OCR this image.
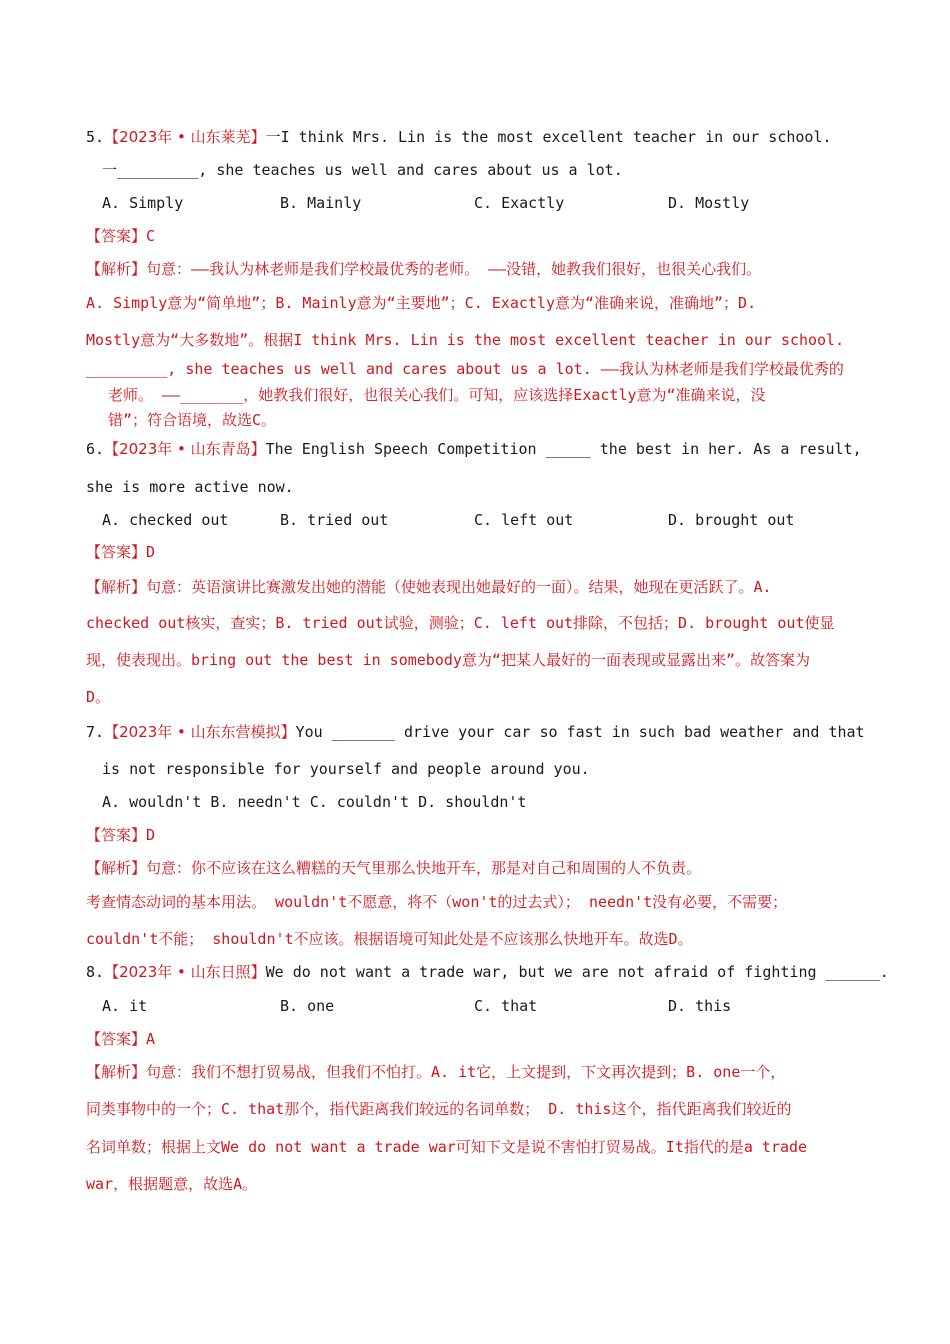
5.【2023年 • 山东莱芜】一I think Mrs. Lin is the most excellent teacher in our school.
一_________, she teaches us well and cares about us a lot.
A. Simply	B. Mainly	C. Exactly	D. Mostly
【答案】C
【解析】句意：——我认为林老师是我们学校最优秀的老师。 ——没错，她教我们很好，也很关心我们。
A. Simply意为“简单地”；B. Mainly意为“主要地”；C. Exactly意为“准确来说，准确地”；D.
Mostly意为“大多数地”。根据I think Mrs. Lin is the most excellent teacher in our school.
_________, she teaches us well and cares about us a lot. ——我认为林老师是我们学校最优秀的
老师。 ——_______，她教我们很好，也很关心我们。可知，应该选择Exactly意为“准确来说，没
错”；符合语境，故选C。
6.【2023年 • 山东青岛】The English Speech Competition _____ the best in her. As a result,
she is more active now.
A. checked out	B. tried out	C. left out	D. brought out
【答案】D
【解析】句意：英语演讲比赛激发出她的潜能（使她表现出她最好的一面）。结果，她现在更活跃了。A.
checked out核实，查实；B. tried out试验，测验；C. left out排除，不包括；D. brought out使显
现，使表现出。bring out the best in somebody意为“把某人最好的一面表现或显露出来”。故答案为
D。
7.【2023年 • 山东东营模拟】You _______ drive your car so fast in such bad weather and that
is not responsible for yourself and people around you.
A. wouldn't B. needn't C. couldn't D. shouldn't
【答案】D
【解析】句意：你不应该在这么糟糕的天气里那么快地开车，那是对自己和周围的人不负责。
考查情态动词的基本用法。 wouldn't不愿意，将不（won't的过去式）； needn't没有必要，不需要；
couldn't不能； shouldn't不应该。根据语境可知此处是不应该那么快地开车。故选D。
8.【2023年 • 山东日照】We do not want a trade war, but we are not afraid of fighting ______.
A. it	B. one	C. that	D. this
【答案】A
【解析】句意：我们不想打贸易战，但我们不怕打。A. it它，上文提到，下文再次提到；B. one一个，
同类事物中的一个；C. that那个，指代距离我们较远的名词单数； D. this这个，指代距离我们较近的
名词单数；根据上文We do not want a trade war可知下文是说不害怕打贸易战。It指代的是a trade
war，根据题意，故选A。
